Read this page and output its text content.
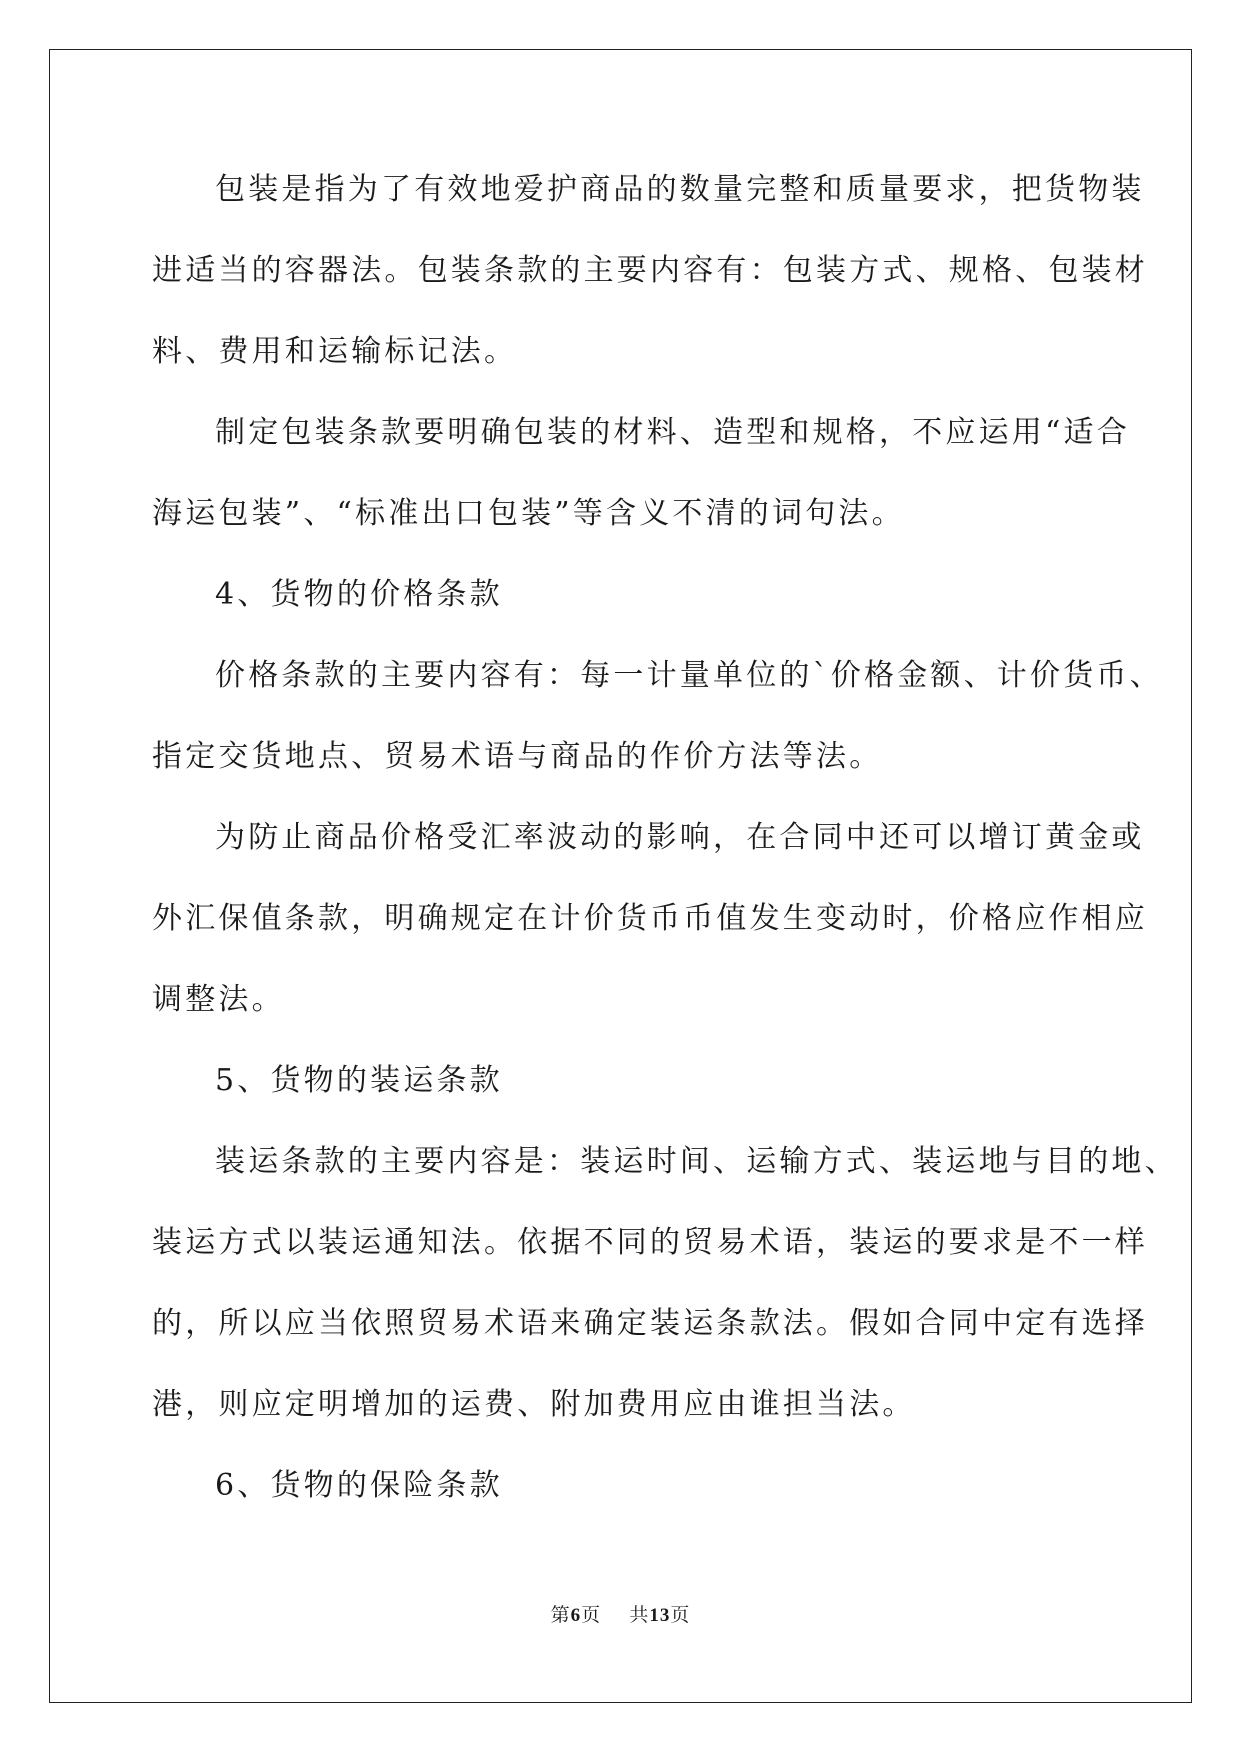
包装是指为了有效地爱护商品的数量完整和质量要求，把货物装
进适当的容器法。包装条款的主要内容有：包装方式、规格、包装材
料、费用和运输标记法。
制定包装条款要明确包装的材料、造型和规格，不应运用“适合
海运包装”、“标准出口包装”等含义不清的词句法。
4、货物的价格条款
价格条款的主要内容有：每一计量单位的`价格金额、计价货币、
指定交货地点、贸易术语与商品的作价方法等法。
为防止商品价格受汇率波动的影响，在合同中还可以增订黄金或
外汇保值条款，明确规定在计价货币币值发生变动时，价格应作相应
调整法。
5、货物的装运条款
装运条款的主要内容是：装运时间、运输方式、装运地与目的地、
装运方式以装运通知法。依据不同的贸易术语，装运的要求是不一样
的，所以应当依照贸易术语来确定装运条款法。假如合同中定有选择
港，则应定明增加的运费、附加费用应由谁担当法。
6、货物的保险条款
第6页 共13页
